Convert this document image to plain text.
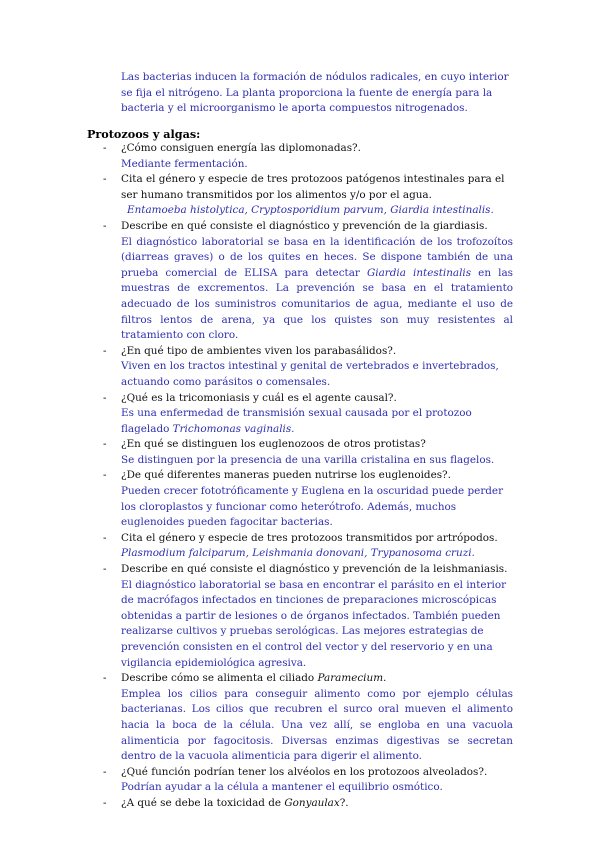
Las bacterias inducen la formación de nódulos radicales, en cuyo interior se fija el nitrógeno. La planta proporciona la fuente de energía para la bacteria y el microorganismo le aporta compuestos nitrogenados.
Protozoos y algas:
- ¿Cómo consiguen energía las diplomonadas?.
Mediante fermentación.
- Cita el género y especie de tres protozoos patógenos intestinales para el ser humano transmitidos por los alimentos y/o por el agua.
Entamoeba histolytica, Cryptosporidium parvum, Giardia intestinalis.
- Describe en qué consiste el diagnóstico y prevención de la giardiasis.
El diagnóstico laboratorial se basa en la identificación de los trofozoítos (diarreas graves) o de los quites en heces. Se dispone también de una prueba comercial de ELISA para detectar Giardia intestinalis en las muestras de excrementos. La prevención se basa en el tratamiento adecuado de los suministros comunitarios de agua, mediante el uso de filtros lentos de arena, ya que los quistes son muy resistentes al tratamiento con cloro.
- ¿En qué tipo de ambientes viven los parabasálidos?.
Viven en los tractos intestinal y genital de vertebrados e invertebrados, actuando como parásitos o comensales.
- ¿Qué es la tricomoniasis y cuál es el agente causal?.
Es una enfermedad de transmisión sexual causada por el protozoo flagelado Trichomonas vaginalis.
- ¿En qué se distinguen los euglenozoos de otros protistas?
Se distinguen por la presencia de una varilla cristalina en sus flagelos.
- ¿De qué diferentes maneras pueden nutrirse los euglenoides?.
Pueden crecer fototróficamente y Euglena en la oscuridad puede perder los cloroplastos y funcionar como heterótrofo. Además, muchos euglenoides pueden fagocitar bacterias.
- Cita el género y especie de tres protozoos transmitidos por artrópodos.
Plasmodium falciparum, Leishmania donovani, Trypanosoma cruzi.
- Describe en qué consiste el diagnóstico y prevención de la leishmaniasis.
El diagnóstico laboratorial se basa en encontrar el parásito en el interior de macrófagos infectados en tinciones de preparaciones microscópicas obtenidas a partir de lesiones o de órganos infectados. También pueden realizarse cultivos y pruebas serológicas. Las mejores estrategias de prevención consisten en el control del vector y del reservorio y en una vigilancia epidemiológica agresiva.
- Describe cómo se alimenta el ciliado Paramecium.
Emplea los cilios para conseguir alimento como por ejemplo células bacterianas. Los cilios que recubren el surco oral mueven el alimento hacia la boca de la célula. Una vez allí, se engloba en una vacuola alimenticia por fagocitosis. Diversas enzimas digestivas se secretan dentro de la vacuola alimenticia para digerir el alimento.
- ¿Qué función podrían tener los alvéolos en los protozoos alveolados?.
Podrían ayudar a la célula a mantener el equilibrio osmótico.
- ¿A qué se debe la toxicidad de Gonyaulax?.
